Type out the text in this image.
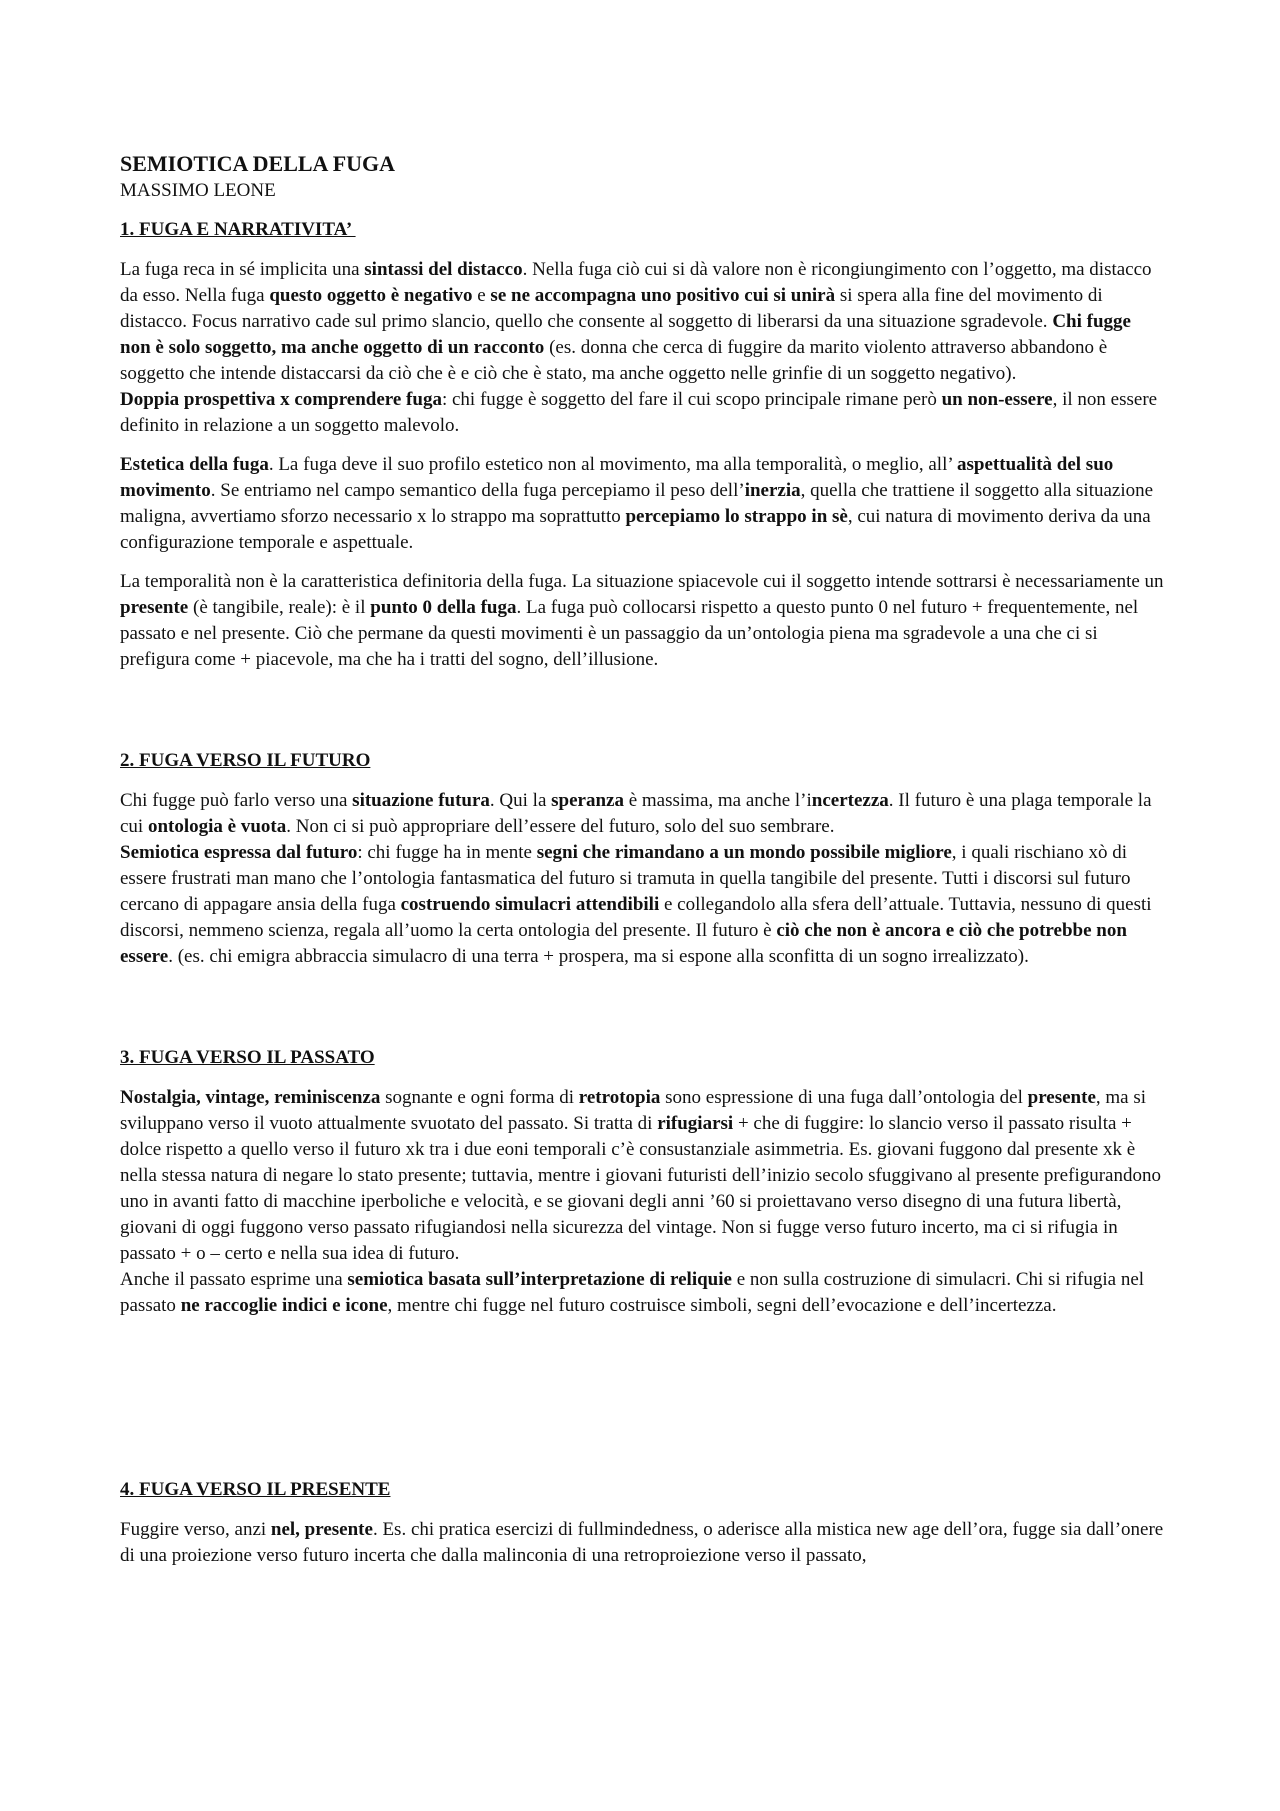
SEMIOTICA DELLA FUGA
MASSIMO LEONE
1. FUGA E NARRATIVITA’

La fuga reca in sé implicita una sintassi del distacco. Nella fuga ciò cui si dà valore non è ricongiungimento con l’oggetto, ma distacco da esso. Nella fuga questo oggetto è negativo e se ne accompagna uno positivo cui si unirà si spera alla fine del movimento di distacco. Focus narrativo cade sul primo slancio, quello che consente al soggetto di liberarsi da una situazione sgradevole. Chi fugge non è solo soggetto, ma anche oggetto di un racconto (es. donna che cerca di fuggire da marito violento attraverso abbandono è soggetto che intende distaccarsi da ciò che è e ciò che è stato, ma anche oggetto nelle grinfie di un soggetto negativo).

Doppia prospettiva x comprendere fuga: chi fugge è soggetto del fare il cui scopo principale rimane però un non-essere, il non essere definito in relazione a un soggetto malevolo.

Estetica della fuga. La fuga deve il suo profilo estetico non al movimento, ma alla temporalità, o meglio, all’ aspettualità del suo movimento. Se entriamo nel campo semantico della fuga percepiamo il peso dell’inerzia, quella che trattiene il soggetto alla situazione maligna, avvertiamo sforzo necessario x lo strappo ma soprattutto percepiamo lo strappo in sè, cui natura di movimento deriva da una configurazione temporale e aspettuale.

La temporalità non è la caratteristica definitoria della fuga. La situazione spiacevole cui il soggetto intende sottrarsi è necessariamente un presente (è tangibile, reale): è il punto 0 della fuga. La fuga può collocarsi rispetto a questo punto 0 nel futuro + frequentemente, nel passato e nel presente. Ciò che permane da questi movimenti è un passaggio da un’ontologia piena ma sgradevole a una che ci si prefigura come + piacevole, ma che ha i tratti del sogno, dell’illusione.

2. FUGA VERSO IL FUTURO

Chi fugge può farlo verso una situazione futura. Qui la speranza è massima, ma anche l’incertezza. Il futuro è una plaga temporale la cui ontologia è vuota. Non ci si può appropriare dell’essere del futuro, solo del suo sembrare.

Semiotica espressa dal futuro: chi fugge ha in mente segni che rimandano a un mondo possibile migliore, i quali rischiano xò di essere frustrati man mano che l’ontologia fantasmatica del futuro si tramuta in quella tangibile del presente. Tutti i discorsi sul futuro cercano di appagare ansia della fuga costruendo simulacri attendibili e collegandolo alla sfera dell’attuale. Tuttavia, nessuno di questi discorsi, nemmeno scienza, regala all’uomo la certa ontologia del presente. Il futuro è ciò che non è ancora e ciò che potrebbe non essere. (es. chi emigra abbraccia simulacro di una terra + prospera, ma si espone alla sconfitta di un sogno irrealizzato).

3. FUGA VERSO IL PASSATO

Nostalgia, vintage, reminiscenza sognante e ogni forma di retrotopia sono espressione di una fuga dall’ontologia del presente, ma si sviluppano verso il vuoto attualmente svuotato del passato. Si tratta di rifugiarsi + che di fuggire: lo slancio verso il passato risulta + dolce rispetto a quello verso il futuro xk tra i due eoni temporali c’è consustanziale asimmetria. Es. giovani fuggono dal presente xk è nella stessa natura di negare lo stato presente; tuttavia, mentre i giovani futuristi dell’inizio secolo sfuggivano al presente prefigurandono uno in avanti fatto di macchine iperboliche e velocità, e se giovani degli anni ’60 si proiettavano verso disegno di una futura libertà, giovani di oggi fuggono verso passato rifugiandosi nella sicurezza del vintage. Non si fugge verso futuro incerto, ma ci si rifugia in passato + o – certo e nella sua idea di futuro.

Anche il passato esprime una semiotica basata sull’interpretazione di reliquie e non sulla costruzione di simulacri. Chi si rifugia nel passato ne raccoglie indici e icone, mentre chi fugge nel futuro costruisce simboli, segni dell’evocazione e dell’incertezza.

4. FUGA VERSO IL PRESENTE

Fuggire verso, anzi nel, presente. Es. chi pratica esercizi di fullmindedness, o aderisce alla mistica new age dell’ora, fugge sia dall’onere di una proiezione verso futuro incerta che dalla malinconia di una retroproiezione verso il passato,
